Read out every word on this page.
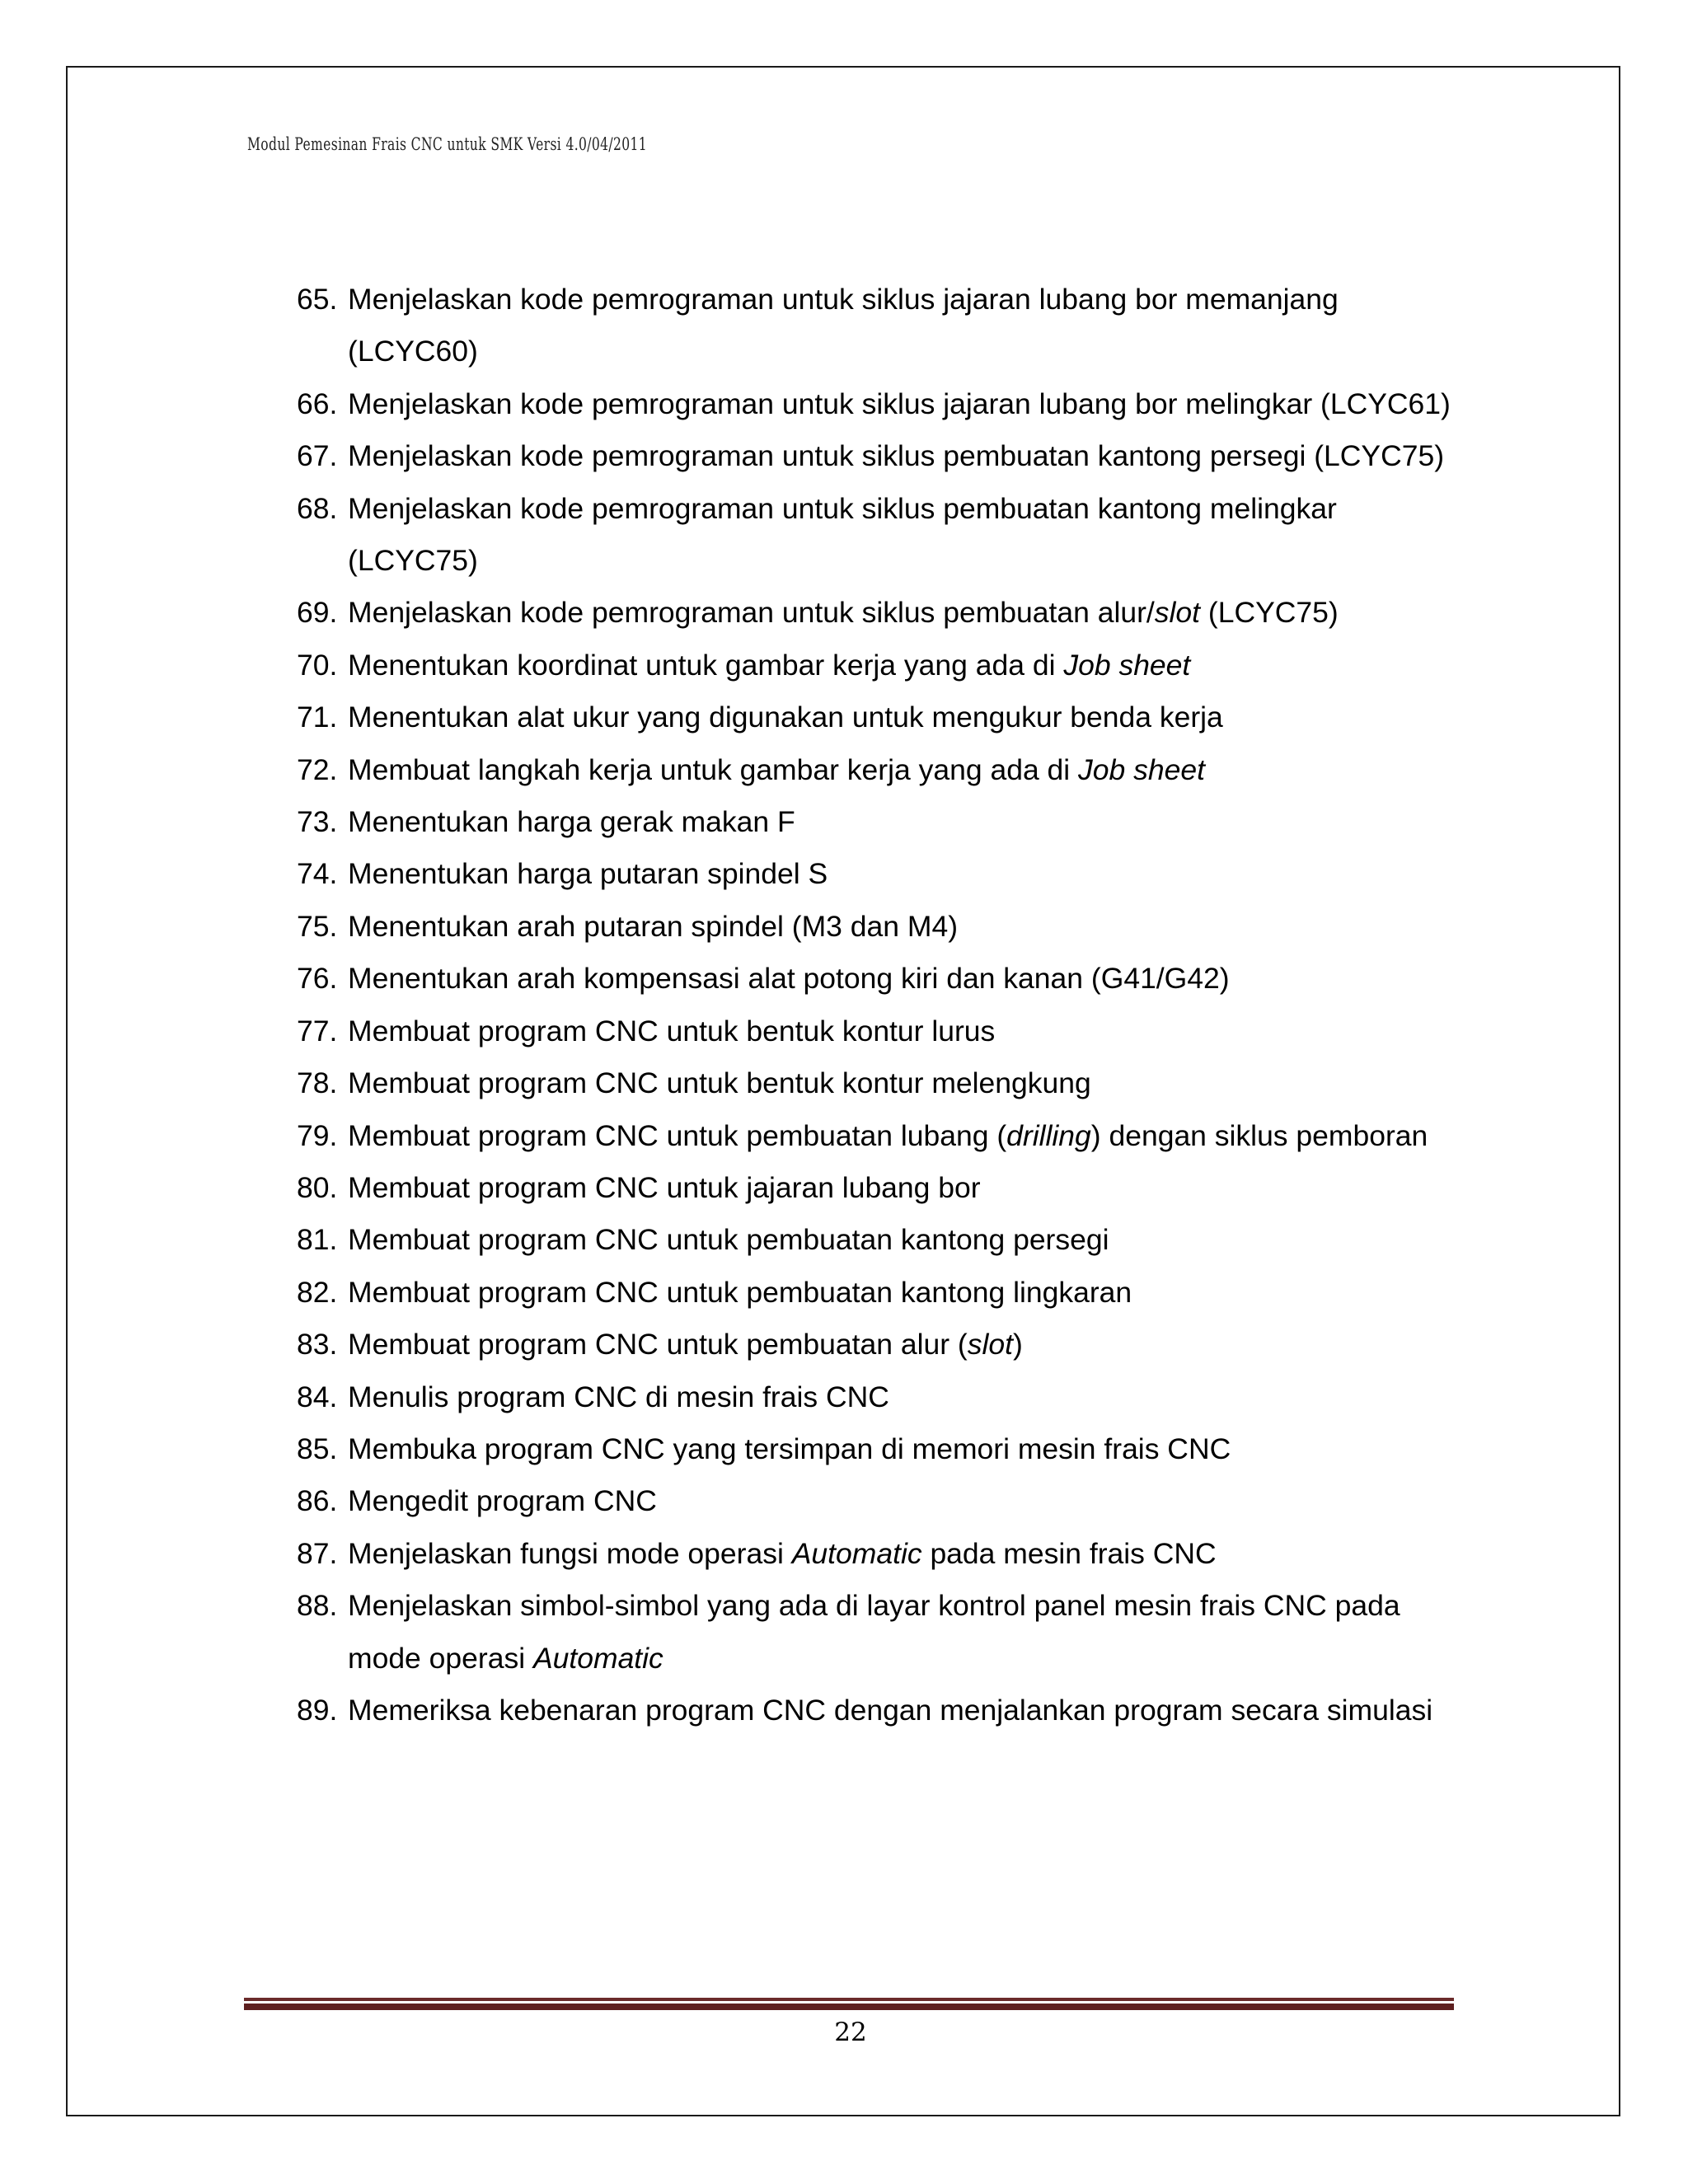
Modul Pemesinan Frais CNC untuk SMK Versi 4.0/04/2011
65. Menjelaskan kode pemrograman untuk siklus jajaran lubang bor memanjang (LCYC60)
66. Menjelaskan kode pemrograman untuk siklus jajaran lubang bor melingkar (LCYC61)
67. Menjelaskan kode pemrograman untuk siklus pembuatan kantong persegi (LCYC75)
68. Menjelaskan kode pemrograman untuk siklus pembuatan kantong melingkar (LCYC75)
69. Menjelaskan kode pemrograman untuk siklus pembuatan alur/slot (LCYC75)
70. Menentukan koordinat untuk gambar kerja yang ada di Job sheet
71. Menentukan alat ukur yang digunakan untuk mengukur benda kerja
72. Membuat langkah kerja untuk gambar kerja yang ada di Job sheet
73. Menentukan harga gerak makan F
74. Menentukan harga putaran spindel S
75. Menentukan arah putaran spindel (M3 dan M4)
76. Menentukan arah kompensasi alat potong kiri dan kanan (G41/G42)
77. Membuat program CNC untuk bentuk kontur lurus
78. Membuat program CNC untuk bentuk kontur melengkung
79. Membuat program CNC untuk pembuatan lubang (drilling) dengan siklus pemboran
80. Membuat program CNC untuk jajaran lubang bor
81. Membuat program CNC untuk pembuatan kantong persegi
82. Membuat program CNC untuk pembuatan kantong lingkaran
83. Membuat program CNC untuk pembuatan alur (slot)
84. Menulis program CNC di mesin frais CNC
85. Membuka program CNC yang tersimpan di memori mesin frais CNC
86. Mengedit program CNC
87. Menjelaskan fungsi mode operasi Automatic pada mesin frais CNC
88. Menjelaskan simbol-simbol yang ada di layar kontrol panel mesin frais CNC pada mode operasi Automatic
89. Memeriksa kebenaran program CNC dengan menjalankan program secara simulasi
22
